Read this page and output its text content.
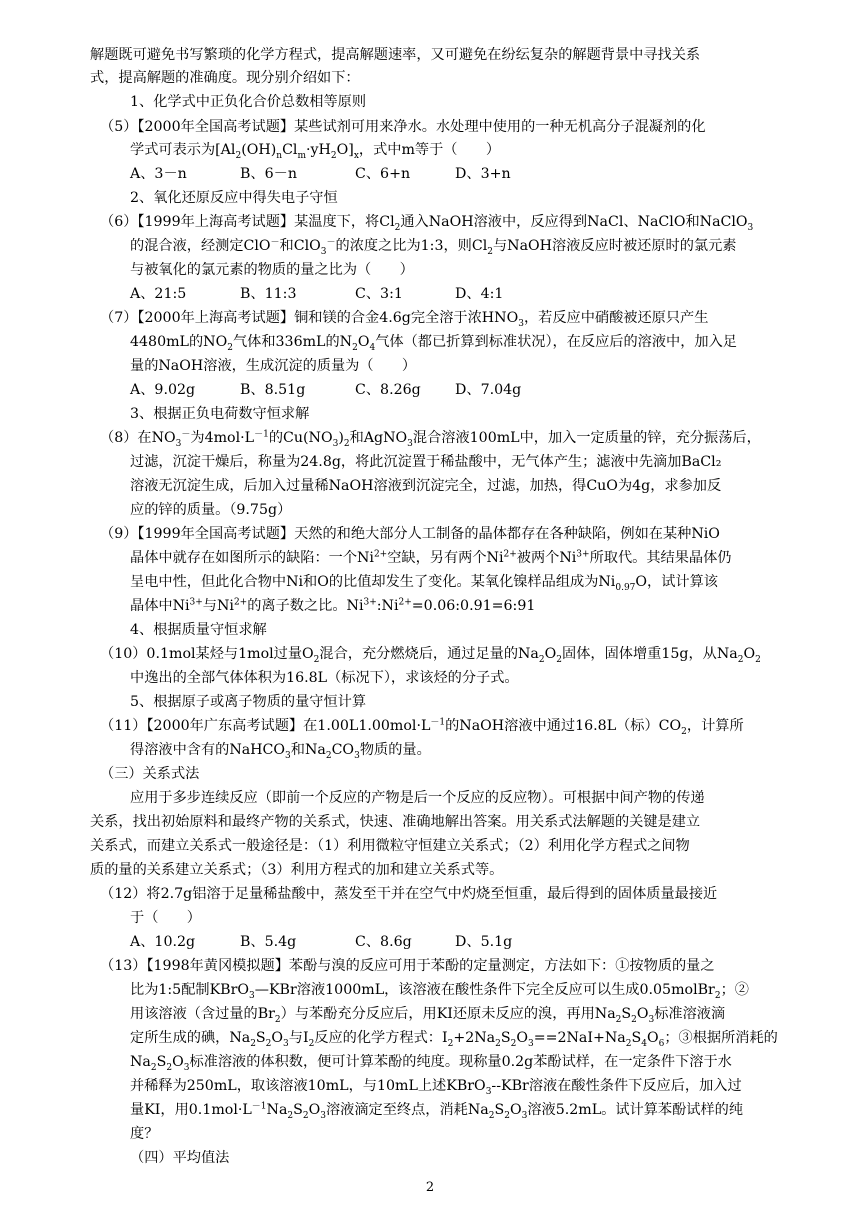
解题既可避免书写繁琐的化学方程式，提高解题速率，又可避免在纷纭复杂的解题背景中寻找关系
式，提高解题的准确度。现分别介绍如下：
1、化学式中正负化合价总数相等原则
（5）【2000年全国高考试题】某些试剂可用来净水。水处理中使用的一种无机高分子混凝剂的化
学式可表示为$[Al_2(OH)_nCl_m\cdot yH_2O]_x$，式中m等于（　　）
A、3－n	B、6－n	C、6+n	D、3+n
2、氧化还原反应中得失电子守恒
（6）【1999年上海高考试题】某温度下，将$Cl_2$通入NaOH溶液中，反应得到NaCl、NaClO和NaClO$_3$
的混合液，经测定ClO－和ClO$_3$－的浓度之比为1:3，则$Cl_2$与NaOH溶液反应时被还原时的氯元素
与被氧化的氯元素的物质的量之比为（　　）
A、21:5	B、11:3	C、3:1	D、4:1
（7）【2000年上海高考试题】铜和镁的合金4.6g完全溶于浓$HNO_3$，若反应中硝酸被还原只产生
4480mL的$NO_2$气体和336mL的$N_2O_4$气体（都已折算到标准状况），在反应后的溶液中，加入足
量的NaOH溶液，生成沉淀的质量为（　　）
A、9.02g	B、8.51g	C、8.26g D、7.04g
3、根据正负电荷数守恒求解
（8）在$NO_3^-$为$4mol\cdot L^{-1}$的$Cu(NO_3)_2$和AgNO$_3$混合溶液100mL中，加入一定质量的锌，充分振荡后，
过滤，沉淀干燥后，称量为24.8g，将此沉淀置于稀盐酸中，无气体产生；滤液中先滴加BaCl₂
溶液无沉淀生成，后加入过量稀NaOH溶液到沉淀完全，过滤，加热，得CuO为4g，求参加反
应的锌的质量。（9.75g）
（9）【1999年全国高考试题】天然的和绝大部分人工制备的晶体都存在各种缺陷，例如在某种NiO
晶体中就存在如图所示的缺陷：一个$Ni^{2+}$空缺，另有两个$Ni^{2+}$被两个$Ni^{3+}$所取代。其结果晶体仍
呈电中性，但此化合物中Ni和O的比值却发生了变化。某氧化镍样品组成为$Ni_{0.97}O$，试计算该
晶体中$Ni^{3+}$与$Ni^{2+}$的离子数之比。$Ni^{3+}:Ni^{2+}=0.06:0.91=6:91$
4、根据质量守恒求解
（10）0.1mol某烃与1mol过量$O_2$混合，充分燃烧后，通过足量的$Na_2O_2$固体，固体增重15g，从$Na_2O_2$
中逸出的全部气体体积为16.8L（标况下），求该烃的分子式。
5、根据原子或离子物质的量守恒计算
（11）【2000年广东高考试题】在$1.00L1.00mol\cdot L^{-1}$的NaOH溶液中通过16.8L（标）$CO_2$，计算所
得溶液中含有的NaHCO$_3$和$Na_2CO_3$物质的量。
（三）关系式法
应用于多步连续反应（即前一个反应的产物是后一个反应的反应物）。可根据中间产物的传递
关系，找出初始原料和最终产物的关系式，快速、准确地解出答案。用关系式法解题的关键是建立
关系式，而建立关系式一般途径是：（1）利用微粒守恒建立关系式；（2）利用化学方程式之间物
质的量的关系建立关系式；（3）利用方程式的加和建立关系式等。
（12）将2.7g铝溶于足量稀盐酸中，蒸发至干并在空气中灼烧至恒重，最后得到的固体质量最接近
于（　　）
A、10.2g	B、5.4g	C、8.6g	D、5.1g
（13）【1998年黄冈模拟题】苯酚与溴的反应可用于苯酚的定量测定，方法如下：①按物质的量之
比为1:5配制KBrO$_3$—KBr溶液1000mL，该溶液在酸性条件下完全反应可以生成0.05molBr$_2$；②
用该溶液（含过量的$Br_2$）与苯酚充分反应后，用KI还原未反应的溴，再用$Na_2S_2O_3$标准溶液滴
定所生成的碘，$Na_2S_2O_3$与$I_2$反应的化学方程式：$I_2+2Na_2S_2O_3==2NaI+Na_2S_4O_6$；③根据所消耗的
$Na_2S_2O_3$标准溶液的体积数，便可计算苯酚的纯度。现称量0.2g苯酚试样，在一定条件下溶于水
并稀释为250mL，取该溶液10mL，与10mL上述KBrO$_3$--KBr溶液在酸性条件下反应后，加入过
量KI，用$0.1mol\cdot L^{-1}Na_2S_2O_3$溶液滴定至终点，消耗$Na_2S_2O_3$溶液5.2mL。试计算苯酚试样的纯
度？
（四）平均值法
2
